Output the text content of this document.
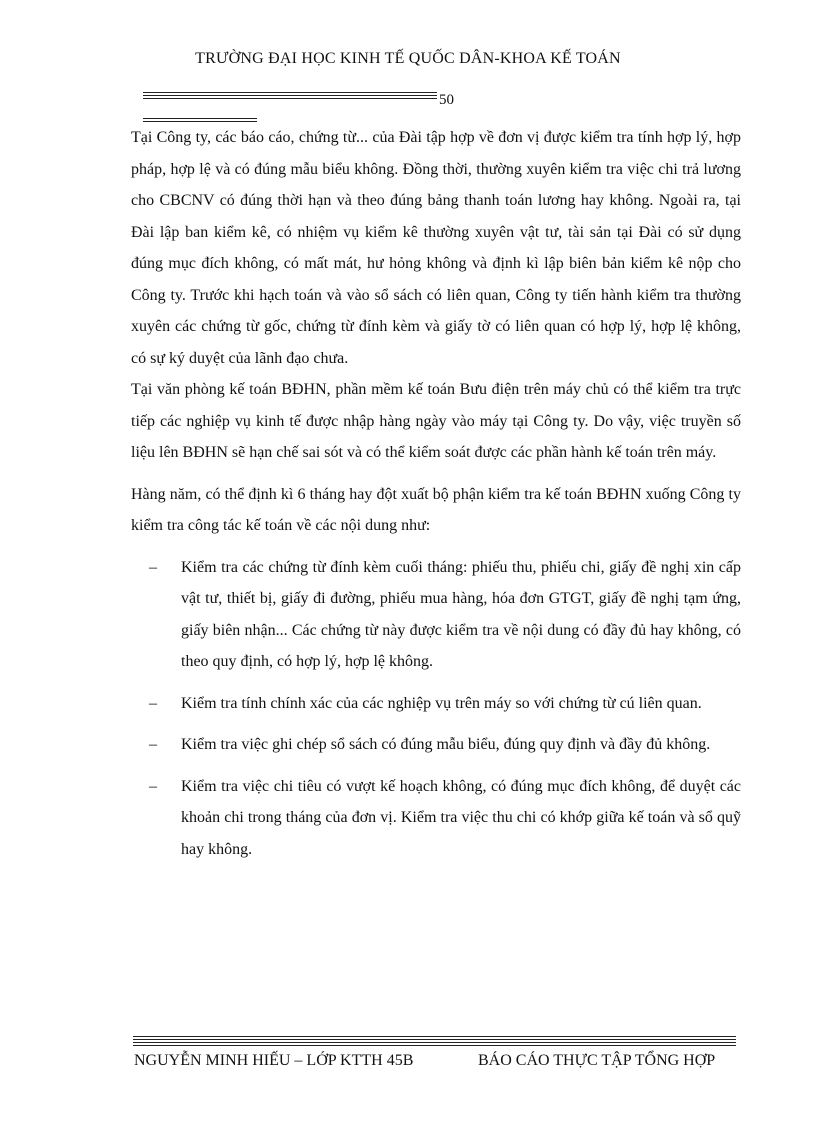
TRƯỜNG ĐẠI HỌC KINH TẾ QUỐC DÂN-KHOA KẾ TOÁN
50

Tại Công ty, các báo cáo, chứng từ... của Đài tập hợp về đơn vị được kiểm tra tính hợp lý, hợp pháp, hợp lệ và có đúng mẫu biểu không. Đồng thời, thường xuyên kiểm tra việc chi trả lương cho CBCNV có đúng thời hạn và theo đúng bảng thanh toán lương hay không. Ngoài ra, tại Đài lập ban kiểm kê, có nhiệm vụ kiểm kê thường xuyên vật tư, tài sản tại Đài có sử dụng đúng mục đích không, có mất mát, hư hỏng không và định kì lập biên bản kiểm kê nộp cho Công ty. Trước khi hạch toán và vào sổ sách có liên quan, Công ty tiến hành kiểm tra thường xuyên các chứng từ gốc, chứng từ đính kèm và giấy tờ có liên quan có hợp lý, hợp lệ không, có sự ký duyệt của lãnh đạo chưa.

Tại văn phòng kế toán BĐHN, phần mềm kế toán Bưu điện trên máy chủ có thể kiểm tra trực tiếp các nghiệp vụ kinh tế được nhập hàng ngày vào máy tại Công ty. Do vậy, việc truyền số liệu lên BĐHN sẽ hạn chế sai sót và có thể kiểm soát được các phần hành kế toán trên máy.

Hàng năm, có thể định kì 6 tháng hay đột xuất bộ phận kiểm tra kế toán BĐHN xuống Công ty kiểm tra công tác kế toán về các nội dung như:

– Kiểm tra các chứng từ đính kèm cuối tháng: phiếu thu, phiếu chi, giấy đề nghị xin cấp vật tư, thiết bị, giấy đi đường, phiếu mua hàng, hóa đơn GTGT, giấy đề nghị tạm ứng, giấy biên nhận... Các chứng từ này được kiểm tra về nội dung có đầy đủ hay không, có theo quy định, có hợp lý, hợp lệ không.
– Kiểm tra tính chính xác của các nghiệp vụ trên máy so với chứng từ cú liên quan.
– Kiểm tra việc ghi chép sổ sách có đúng mẫu biểu, đúng quy định và đầy đủ không.
– Kiểm tra việc chi tiêu có vượt kế hoạch không, có đúng mục đích không, để duyệt các khoản chi trong tháng của đơn vị. Kiểm tra việc thu chi có khớp giữa kế toán và sổ quỹ hay không.
NGUYỄN MINH HIẾU – LỚP KTTH 45B	BÁO CÁO THỰC TẬP TỔNG HỢP
